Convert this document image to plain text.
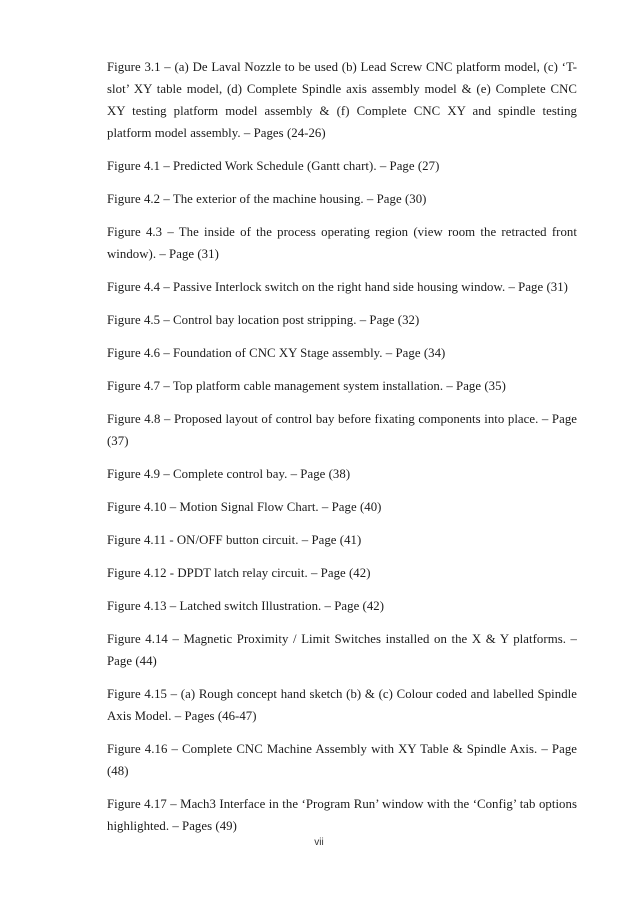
Figure 3.1 – (a) De Laval Nozzle to be used (b) Lead Screw CNC platform model, (c) ‘T-slot’ XY table model, (d) Complete Spindle axis assembly model & (e) Complete CNC XY testing platform model assembly & (f) Complete CNC XY and spindle testing platform model assembly. – Pages (24-26)

Figure 4.1 – Predicted Work Schedule (Gantt chart). – Page (27)

Figure 4.2 – The exterior of the machine housing. – Page (30)

Figure 4.3 – The inside of the process operating region (view room the retracted front window). – Page (31)

Figure 4.4 – Passive Interlock switch on the right hand side housing window. – Page (31)

Figure 4.5 – Control bay location post stripping. – Page (32)

Figure 4.6 – Foundation of CNC XY Stage assembly. – Page (34)

Figure 4.7 – Top platform cable management system installation. – Page (35)

Figure 4.8 – Proposed layout of control bay before fixating components into place. – Page (37)

Figure 4.9 – Complete control bay. – Page (38)

Figure 4.10 – Motion Signal Flow Chart. – Page (40)

Figure 4.11 - ON/OFF button circuit. – Page (41)

Figure 4.12 - DPDT latch relay circuit. – Page (42)

Figure 4.13 – Latched switch Illustration. – Page (42)

Figure 4.14 – Magnetic Proximity / Limit Switches installed on the X & Y platforms. – Page (44)

Figure 4.15 – (a) Rough concept hand sketch (b) & (c) Colour coded and labelled Spindle Axis Model. – Pages (46-47)

Figure 4.16 – Complete CNC Machine Assembly with XY Table & Spindle Axis. – Page (48)

Figure 4.17 – Mach3 Interface in the ‘Program Run’ window with the ‘Config’ tab options highlighted. – Pages (49)

vii
